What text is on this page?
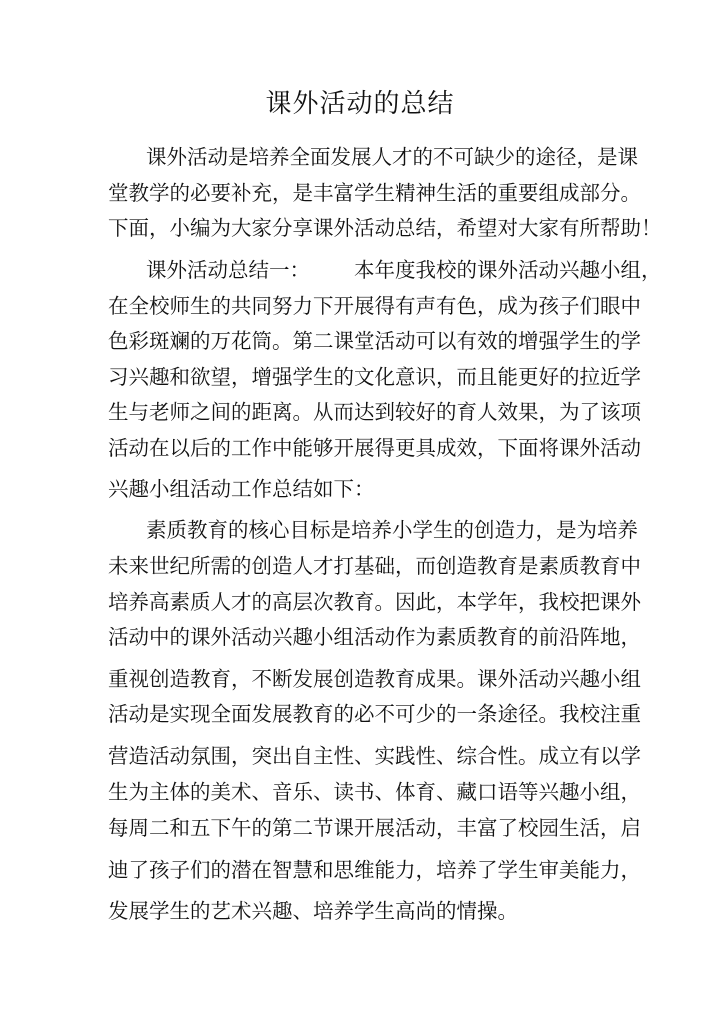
课外活动的总结

课外活动是培养全面发展人才的不可缺少的途径，是课

堂教学的必要补充，是丰富学生精神生活的重要组成部分。

下面，小编为大家分享课外活动总结，希望对大家有所帮助！

课外活动总结一： 本年度我校的课外活动兴趣小组，

在全校师生的共同努力下开展得有声有色，成为孩子们眼中

色彩斑斓的万花筒。第二课堂活动可以有效的增强学生的学

习兴趣和欲望，增强学生的文化意识，而且能更好的拉近学

生与老师之间的距离。从而达到较好的育人效果，为了该项

活动在以后的工作中能够开展得更具成效，下面将课外活动

兴趣小组活动工作总结如下：

素质教育的核心目标是培养小学生的创造力，是为培养

未来世纪所需的创造人才打基础，而创造教育是素质教育中

培养高素质人才的高层次教育。因此，本学年，我校把课外

活动中的课外活动兴趣小组活动作为素质教育的前沿阵地，

重视创造教育，不断发展创造教育成果。课外活动兴趣小组

活动是实现全面发展教育的必不可少的一条途径。我校注重

营造活动氛围，突出自主性、实践性、综合性。成立有以学

生为主体的美术、音乐、读书、体育、藏口语等兴趣小组，

每周二和五下午的第二节课开展活动，丰富了校园生活，启

迪了孩子们的潜在智慧和思维能力，培养了学生审美能力，

发展学生的艺术兴趣、培养学生高尚的情操。
